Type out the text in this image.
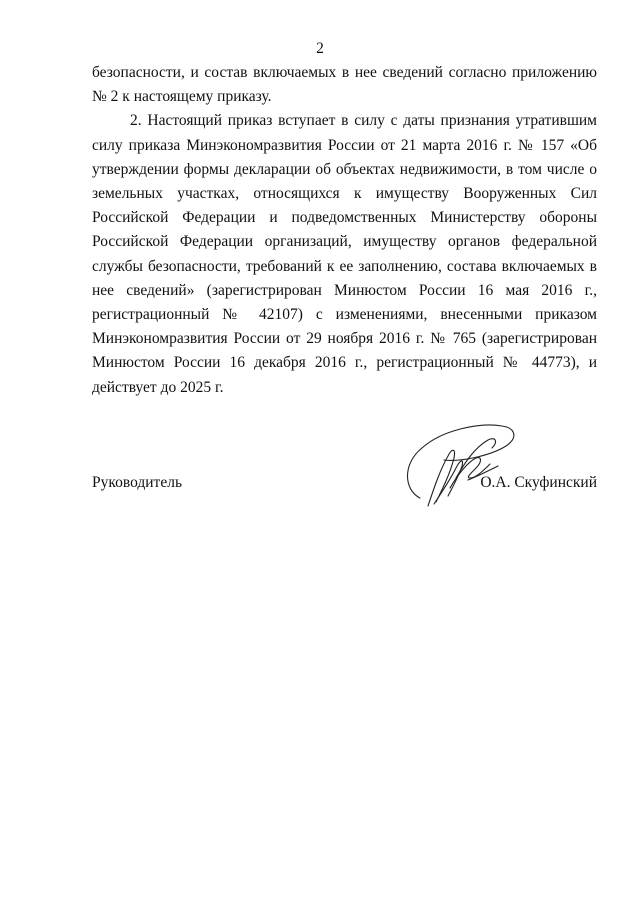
2

безопасности, и состав включаемых в нее сведений согласно приложению № 2 к настоящему приказу.

2. Настоящий приказ вступает в силу с даты признания утратившим силу приказа Минэкономразвития России от 21 марта 2016 г. № 157 «Об утверждении формы декларации об объектах недвижимости, в том числе о земельных участках, относящихся к имуществу Вооруженных Сил Российской Федерации и подведомственных Министерству обороны Российской Федерации организаций, имуществу органов федеральной службы безопасности, требований к ее заполнению, состава включаемых в нее сведений» (зарегистрирован Минюстом России 16 мая 2016 г., регистрационный № 42107) с изменениями, внесенными приказом Минэкономразвития России от 29 ноября 2016 г. № 765 (зарегистрирован Минюстом России 16 декабря 2016 г., регистрационный № 44773), и действует до 2025 г.

Руководитель	О.А. Скуфинский
